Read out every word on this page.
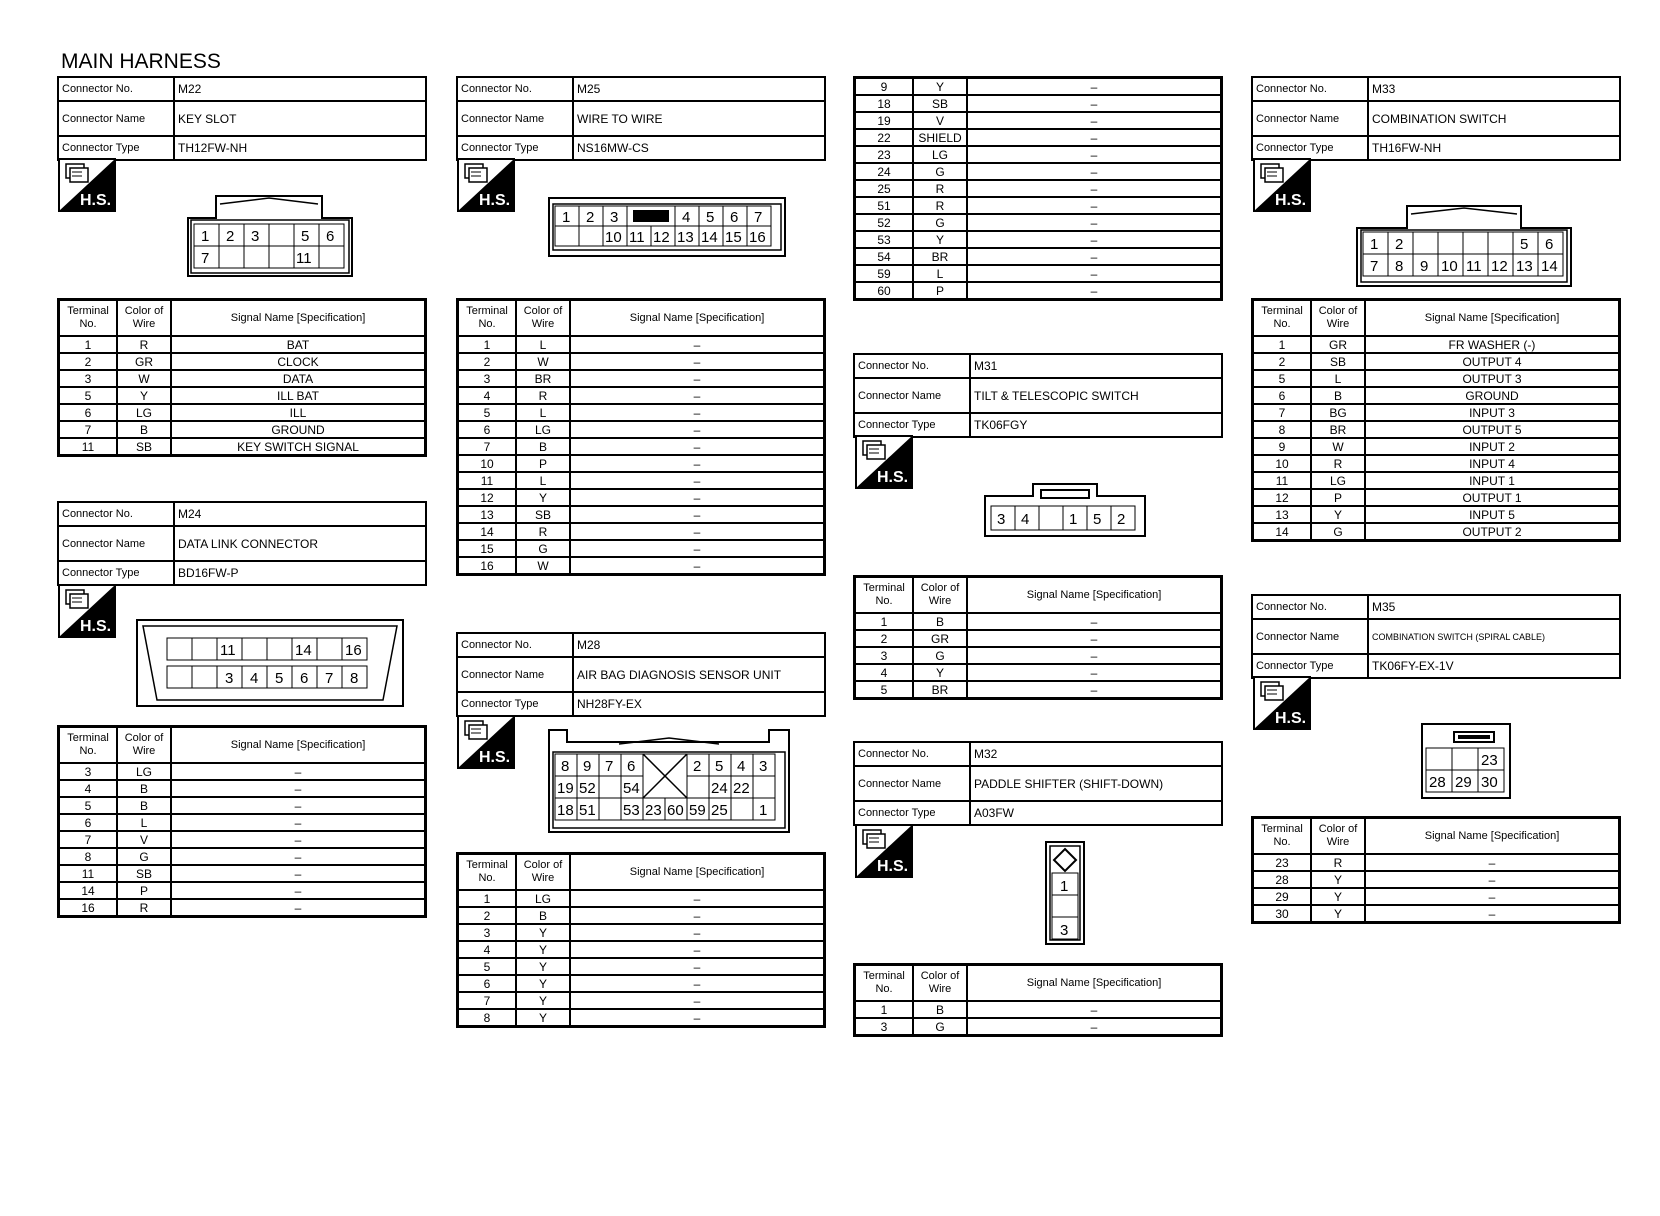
MAIN HARNESS
Connector No.	M22
Connector Name	KEY SLOT
Connector Type	TH12FW-NH
H.S.
1 2 3	5 6
7	11
Terminal No.	Color of Wire	Signal Name [Specification]
1	R	BAT
2	GR	CLOCK
3	W	DATA
5	Y	ILL BAT
6	LG	ILL
7	B	GROUND
11	SB	KEY SWITCH SIGNAL
Connector No.	M24
Connector Name	DATA LINK CONNECTOR
Connector Type	BD16FW-P
H.S.
11	14 16
3 4 5 6 7 8
Terminal No.	Color of Wire	Signal Name [Specification]
3	LG	–
4	B	–
5	B	–
6	L	–
7	V	–
8	G	–
11	SB	–
14	P	–
16	R	–
Connector No.	M25
Connector Name	WIRE TO WIRE
Connector Type	NS16MW-CS
H.S.
1 2 3	4 5 6 7
10 11 12 13 14 15 16
Terminal No.	Color of Wire	Signal Name [Specification]
1	L	–
2	W	–
3	BR	–
4	R	–
5	L	–
6	LG	–
7	B	–
10	P	–
11	L	–
12	Y	–
13	SB	–
14	R	–
15	G	–
16	W	–
Connector No.	M28
Connector Name	AIR BAG DIAGNOSIS SENSOR UNIT
Connector Type	NH28FY-EX
H.S.
8 9 7 6	2 5 4 3
19 52 54
23
24 22
18 51 53 60 59 25 1
Terminal No.	Color of Wire	Signal Name [Specification]
1	LG	–
2	B	–
3	Y	–
4	Y	–
5	Y	–
6	Y	–
7	Y	–
8	Y	–
9	Y	–
18	SB	–
19	V	–
22	SHIELD	–
23	LG	–
24	G	–
25	R	–
51	R	–
52	G	–
53	Y	–
54	BR	–
59	L	–
60	P	–
Connector No.	M31
Connector Name	TILT & TELESCOPIC SWITCH
Connector Type	TK06FGY
H.S.
3 4	1 5 2
Terminal No.	Color of Wire	Signal Name [Specification]
1	B	–
2	GR	–
3	G	–
4	Y	–
5	BR	–
Connector No.	M32
Connector Name	PADDLE SHIFTER (SHIFT-DOWN)
Connector Type	A03FW
H.S.
1
3
Terminal No.	Color of Wire	Signal Name [Specification]
1	B	–
3	G	–
Connector No.	M33
Connector Name	COMBINATION SWITCH
Connector Type	TH16FW-NH
H.S.
1 2	5 6
7 8 9 10 11 12 13 14
Terminal No.	Color of Wire	Signal Name [Specification]
1	GR	FR WASHER (-)
2	SB	OUTPUT 4
5	L	OUTPUT 3
6	B	GROUND
7	BG	INPUT 3
8	BR	OUTPUT 5
9	W	INPUT 2
10	R	INPUT 4
11	LG	INPUT 1
12	P	OUTPUT 1
13	Y	INPUT 5
14	G	OUTPUT 2
Connector No.	M35
Connector Name	COMBINATION SWITCH (SPIRAL CABLE)
Connector Type	TK06FY-EX-1V
H.S.
23
28 29 30
Terminal No.	Color of Wire	Signal Name [Specification]
23	R	–
28	Y	–
29	Y	–
30	Y	–
